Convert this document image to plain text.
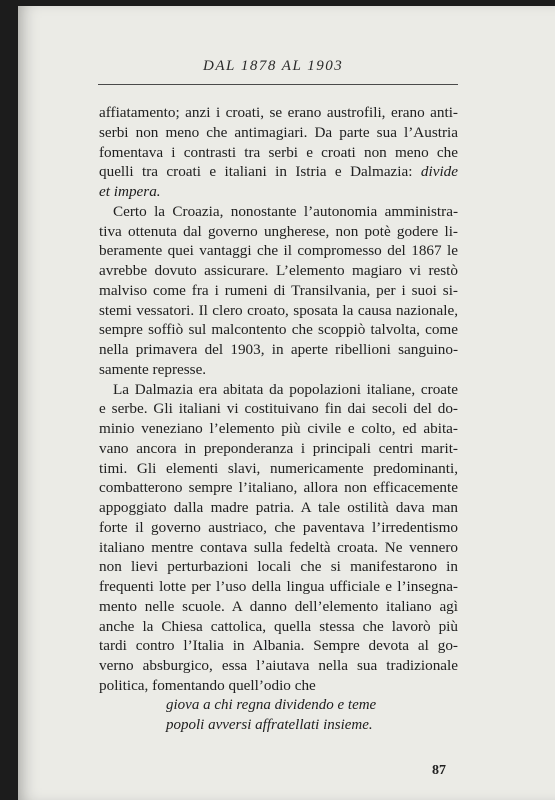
DAL 1878 AL 1903
affiatamento; anzi i croati, se erano austrofili, erano anti-
serbi non meno che antimagiari. Da parte sua l’Austria
fomentava i contrasti tra serbi e croati non meno che
quelli tra croati e italiani in Istria e Dalmazia: divide
et impera.
Certo la Croazia, nonostante l’autonomia amministra-
tiva ottenuta dal governo ungherese, non potè godere li-
beramente quei vantaggi che il compromesso del 1867 le
avrebbe dovuto assicurare. L’elemento magiaro vi restò
malviso come fra i rumeni di Transilvania, per i suoi si-
stemi vessatori. Il clero croato, sposata la causa nazionale,
sempre soffiò sul malcontento che scoppiò talvolta, come
nella primavera del 1903, in aperte ribellioni sanguino-
samente represse.
La Dalmazia era abitata da popolazioni italiane, croate
e serbe. Gli italiani vi costituivano fin dai secoli del do-
minio veneziano l’elemento più civile e colto, ed abita-
vano ancora in preponderanza i principali centri marit-
timi. Gli elementi slavi, numericamente predominanti,
combatterono sempre l’italiano, allora non efficacemente
appoggiato dalla madre patria. A tale ostilità dava man
forte il governo austriaco, che paventava l’irredentismo
italiano mentre contava sulla fedeltà croata. Ne vennero
non lievi perturbazioni locali che si manifestarono in
frequenti lotte per l’uso della lingua ufficiale e l’insegna-
mento nelle scuole. A danno dell’elemento italiano agì
anche la Chiesa cattolica, quella stessa che lavorò più
tardi contro l’Italia in Albania. Sempre devota al go-
verno absburgico, essa l’aiutava nella sua tradizionale
politica, fomentando quell’odio che
giova a chi regna dividendo e teme
popoli avversi affratellati insieme.
87
